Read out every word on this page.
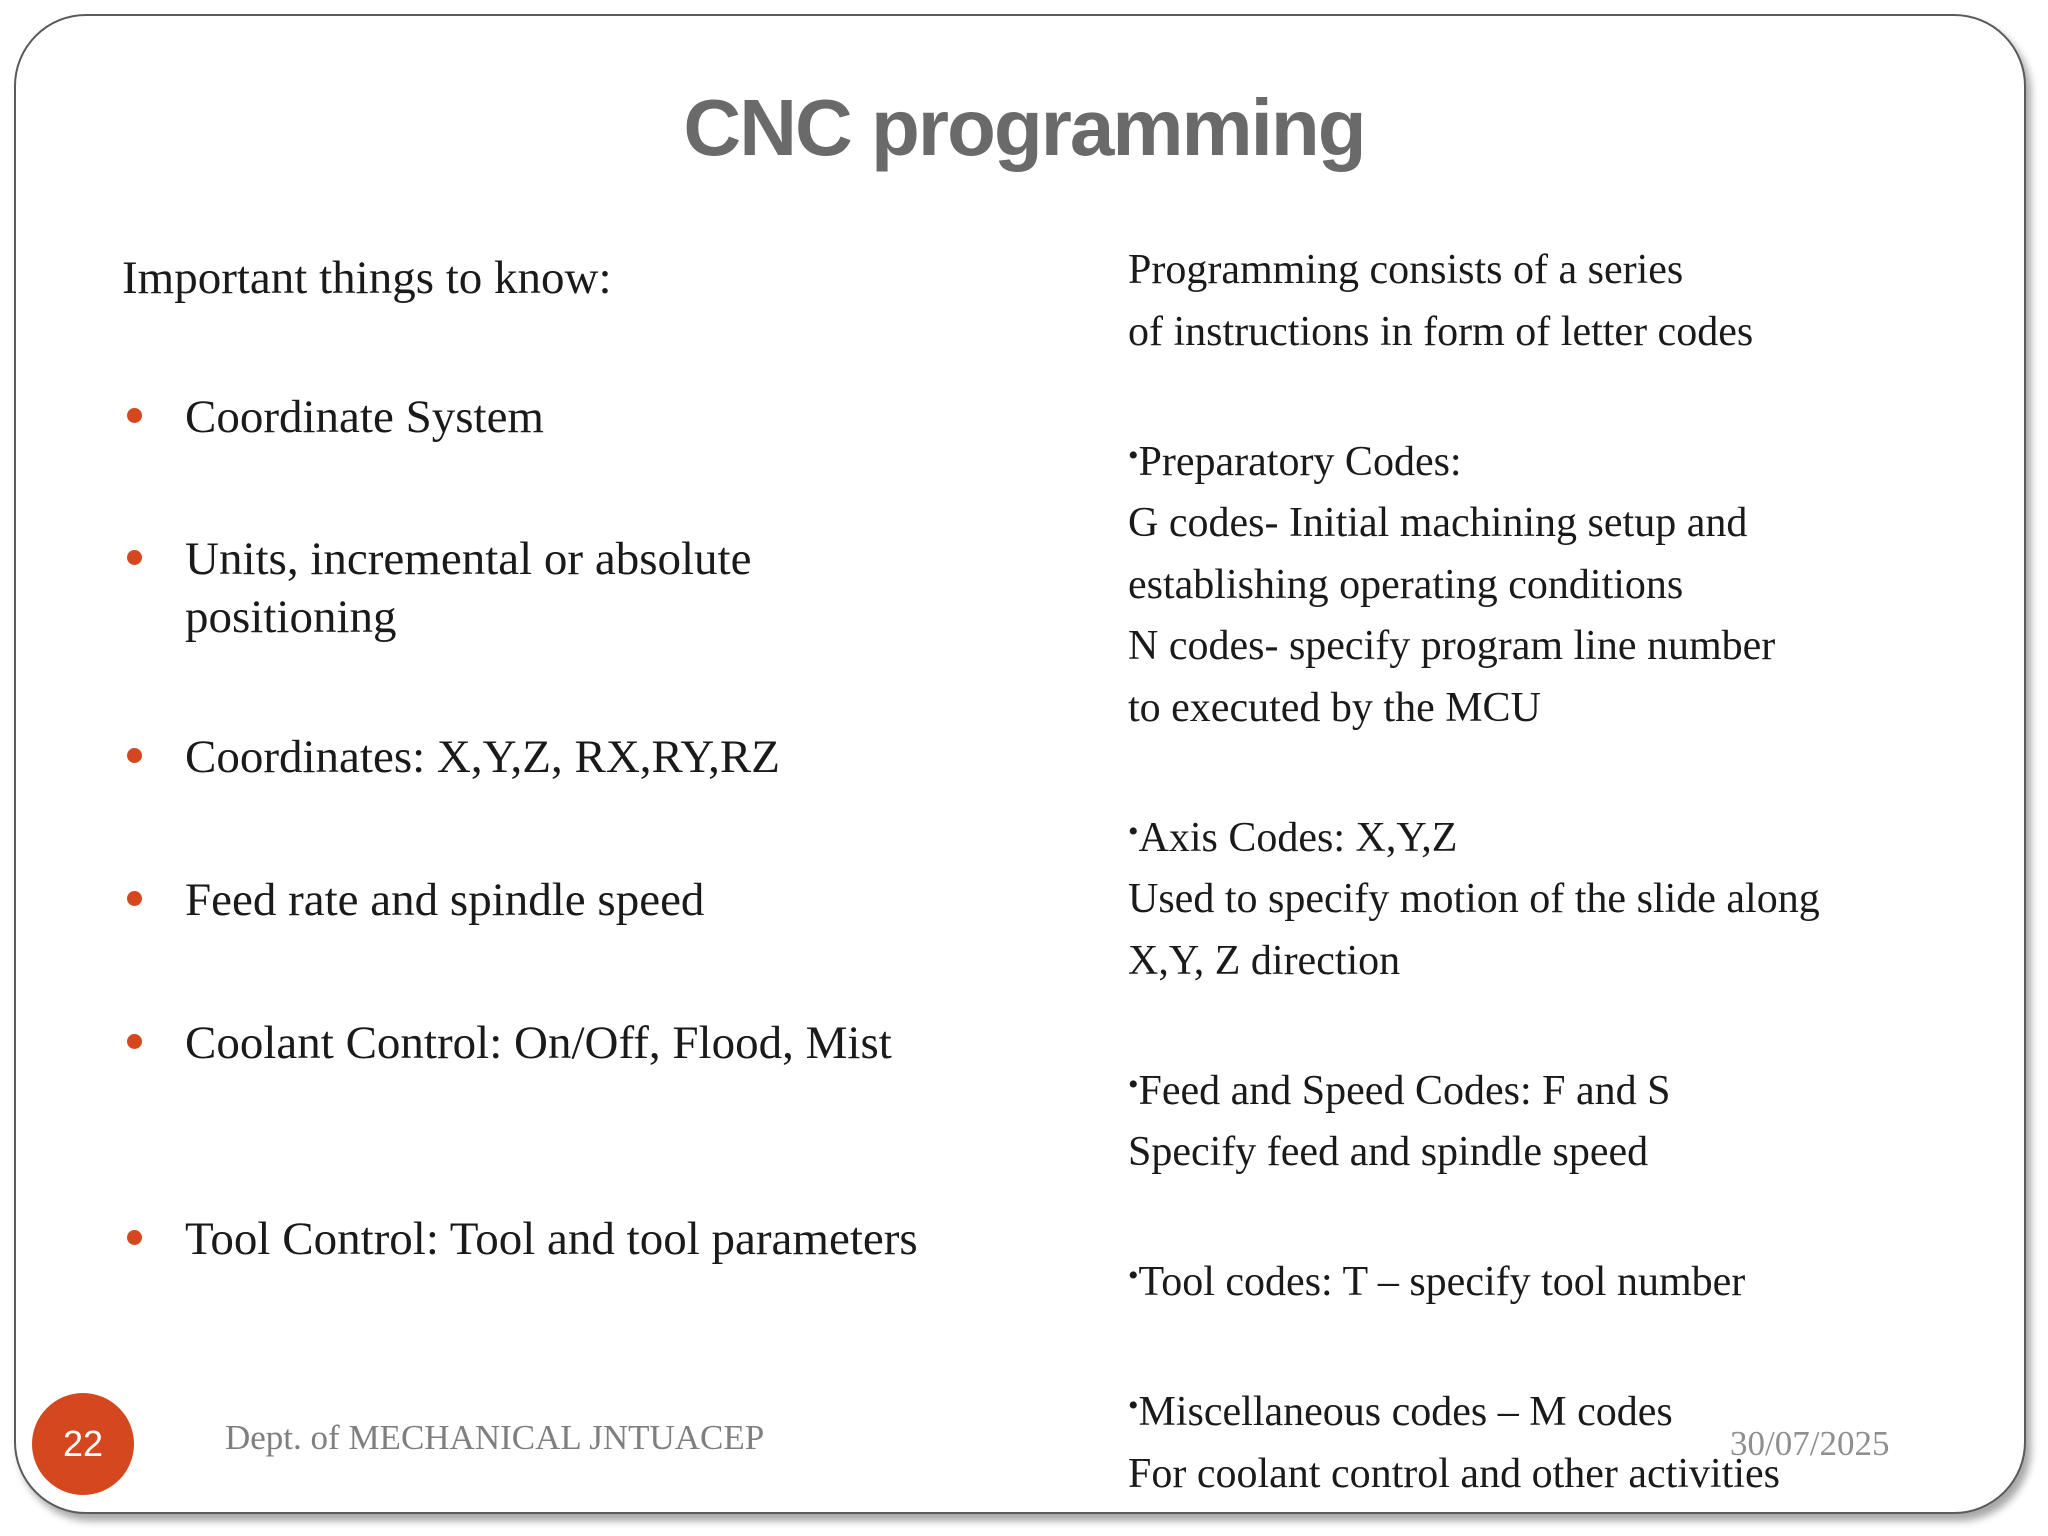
CNC programming

Important things to know:

Coordinate System
Units, incremental or absolute positioning
Coordinates: X,Y,Z, RX,RY,RZ
Feed rate and spindle speed
Coolant Control: On/Off, Flood, Mist
Tool Control: Tool and tool parameters
Programming consists of a series
of instructions in form of letter codes
•Preparatory Codes:
G codes- Initial machining setup and
establishing operating conditions
N codes- specify program line number
to executed by the MCU
•Axis Codes: X,Y,Z
Used to specify motion of the slide along
X,Y, Z direction
•Feed and Speed Codes: F and S
Specify feed and spindle speed
•Tool codes: T – specify tool number
•Miscellaneous codes – M codes
For coolant control and other activities
22	Dept. of MECHANICAL JNTUACEP	30/07/2025
